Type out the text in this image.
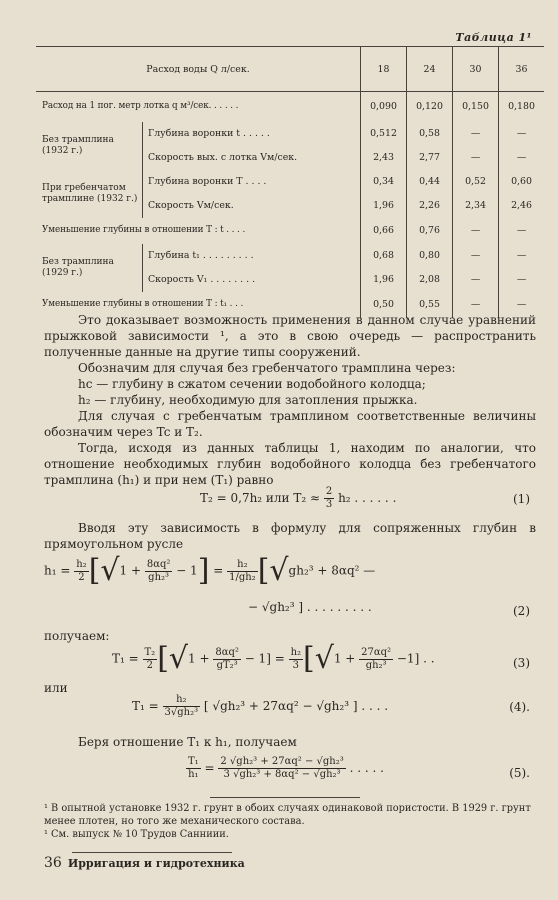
Таблица 1¹
Расход воды Q л/сек.		18	24	30	36
Расход на 1 пог. метр лотка q м³/сек. . . . . .		0,090	0,120	0,150	0,180
Без трамплина (1932 г.)	Глубина воронки t . . . . .	0,512	0,58	—	—
	Скорость вых. с лотка Vм/сек.	2,43	2,77	—	—
При гребенчатом трамплине (1932 г.)	Глубина воронки T . . . .	0,34	0,44	0,52	0,60
	Скорость Vм/сек.	1,96	2,26	2,34	2,46
Уменьшение глубины в отношении T : t . . . .		0,66	0,76	—	—
Без трамплина (1929 г.)	Глубина t₁ . . . . . . . . .	0,68	0,80	—	—
	Скорость V₁ . . . . . . . .	1,96	2,08	—	—
Уменьшение глубины в отношении T : t₁ . . .		0,50	0,55	—	—
Это доказывает возможность применения в данном случае уравнений прыжковой зависимости ¹, а это в свою очередь — распространить полученные данные на другие типы сооружений.
Обозначим для случая без гребенчатого трамплина через:
hc — глубину в сжатом сечении водобойного колодца;
h₂ — глубину, необходимую для затопления прыжка.
Для случая с гребенчатым трамплином соответственные величины обозначим через Tc и T₂.
Тогда, исходя из данных таблицы 1, находим по аналогии, что отношение необходимых глубин водобойного колодца без гребенчатого трамплина (h₁) и при нем (T₁) равно
T₂ = 0,7h₂ или $T_2 \approx \frac{2}{3} h_2$ . . . . . .	(1)
Вводя эту зависимость в формулу для сопряженных глубин в прямоугольном русле
$h_1 = \frac{\text{h₂}}{2} [√1 + \frac{\text{8αq²}}{\text{gh₂³}} - 1] = \frac{\text{h₂}}{\text{1/gh₂}} [√gh_2^3 + 8\alpha q^2$ —
− √gh₂³ ] . . . . . . . . .	(2)
получаем:
$T_1 = \frac{\text{T₂}}{2} [√1 + \frac{\text{8αq²}}{\text{gT₂³}} - 1] = \frac{\text{h₂}}{3} [√1 + \frac{\text{27αq²}}{\text{gh₂³}} -1]$ . .	(3)
или
$T_1 = \frac{\text{h₂}}{\text{3√gh₂³}}$ [ √gh₂³ + 27αq² − √gh₂³ ] . . . .	(4).
Беря отношение T₁ к h₁, получаем
$\frac{\text{T₁}}{\text{h₁}} = \frac{\text{2 √gh₂³ + 27αq² − √gh₂³}}{\text{3 √gh₂³ + 8αq² − √gh₂³}}$ . . . . .	(5).
¹ В опытной установке 1932 г. грунт в обоих случаях одинаковой пористости. В 1929 г. грунт менее плотен, но того же механического состава.
¹ См. выпуск № 10 Трудов Санниии.
36 Ирригация и гидротехника
